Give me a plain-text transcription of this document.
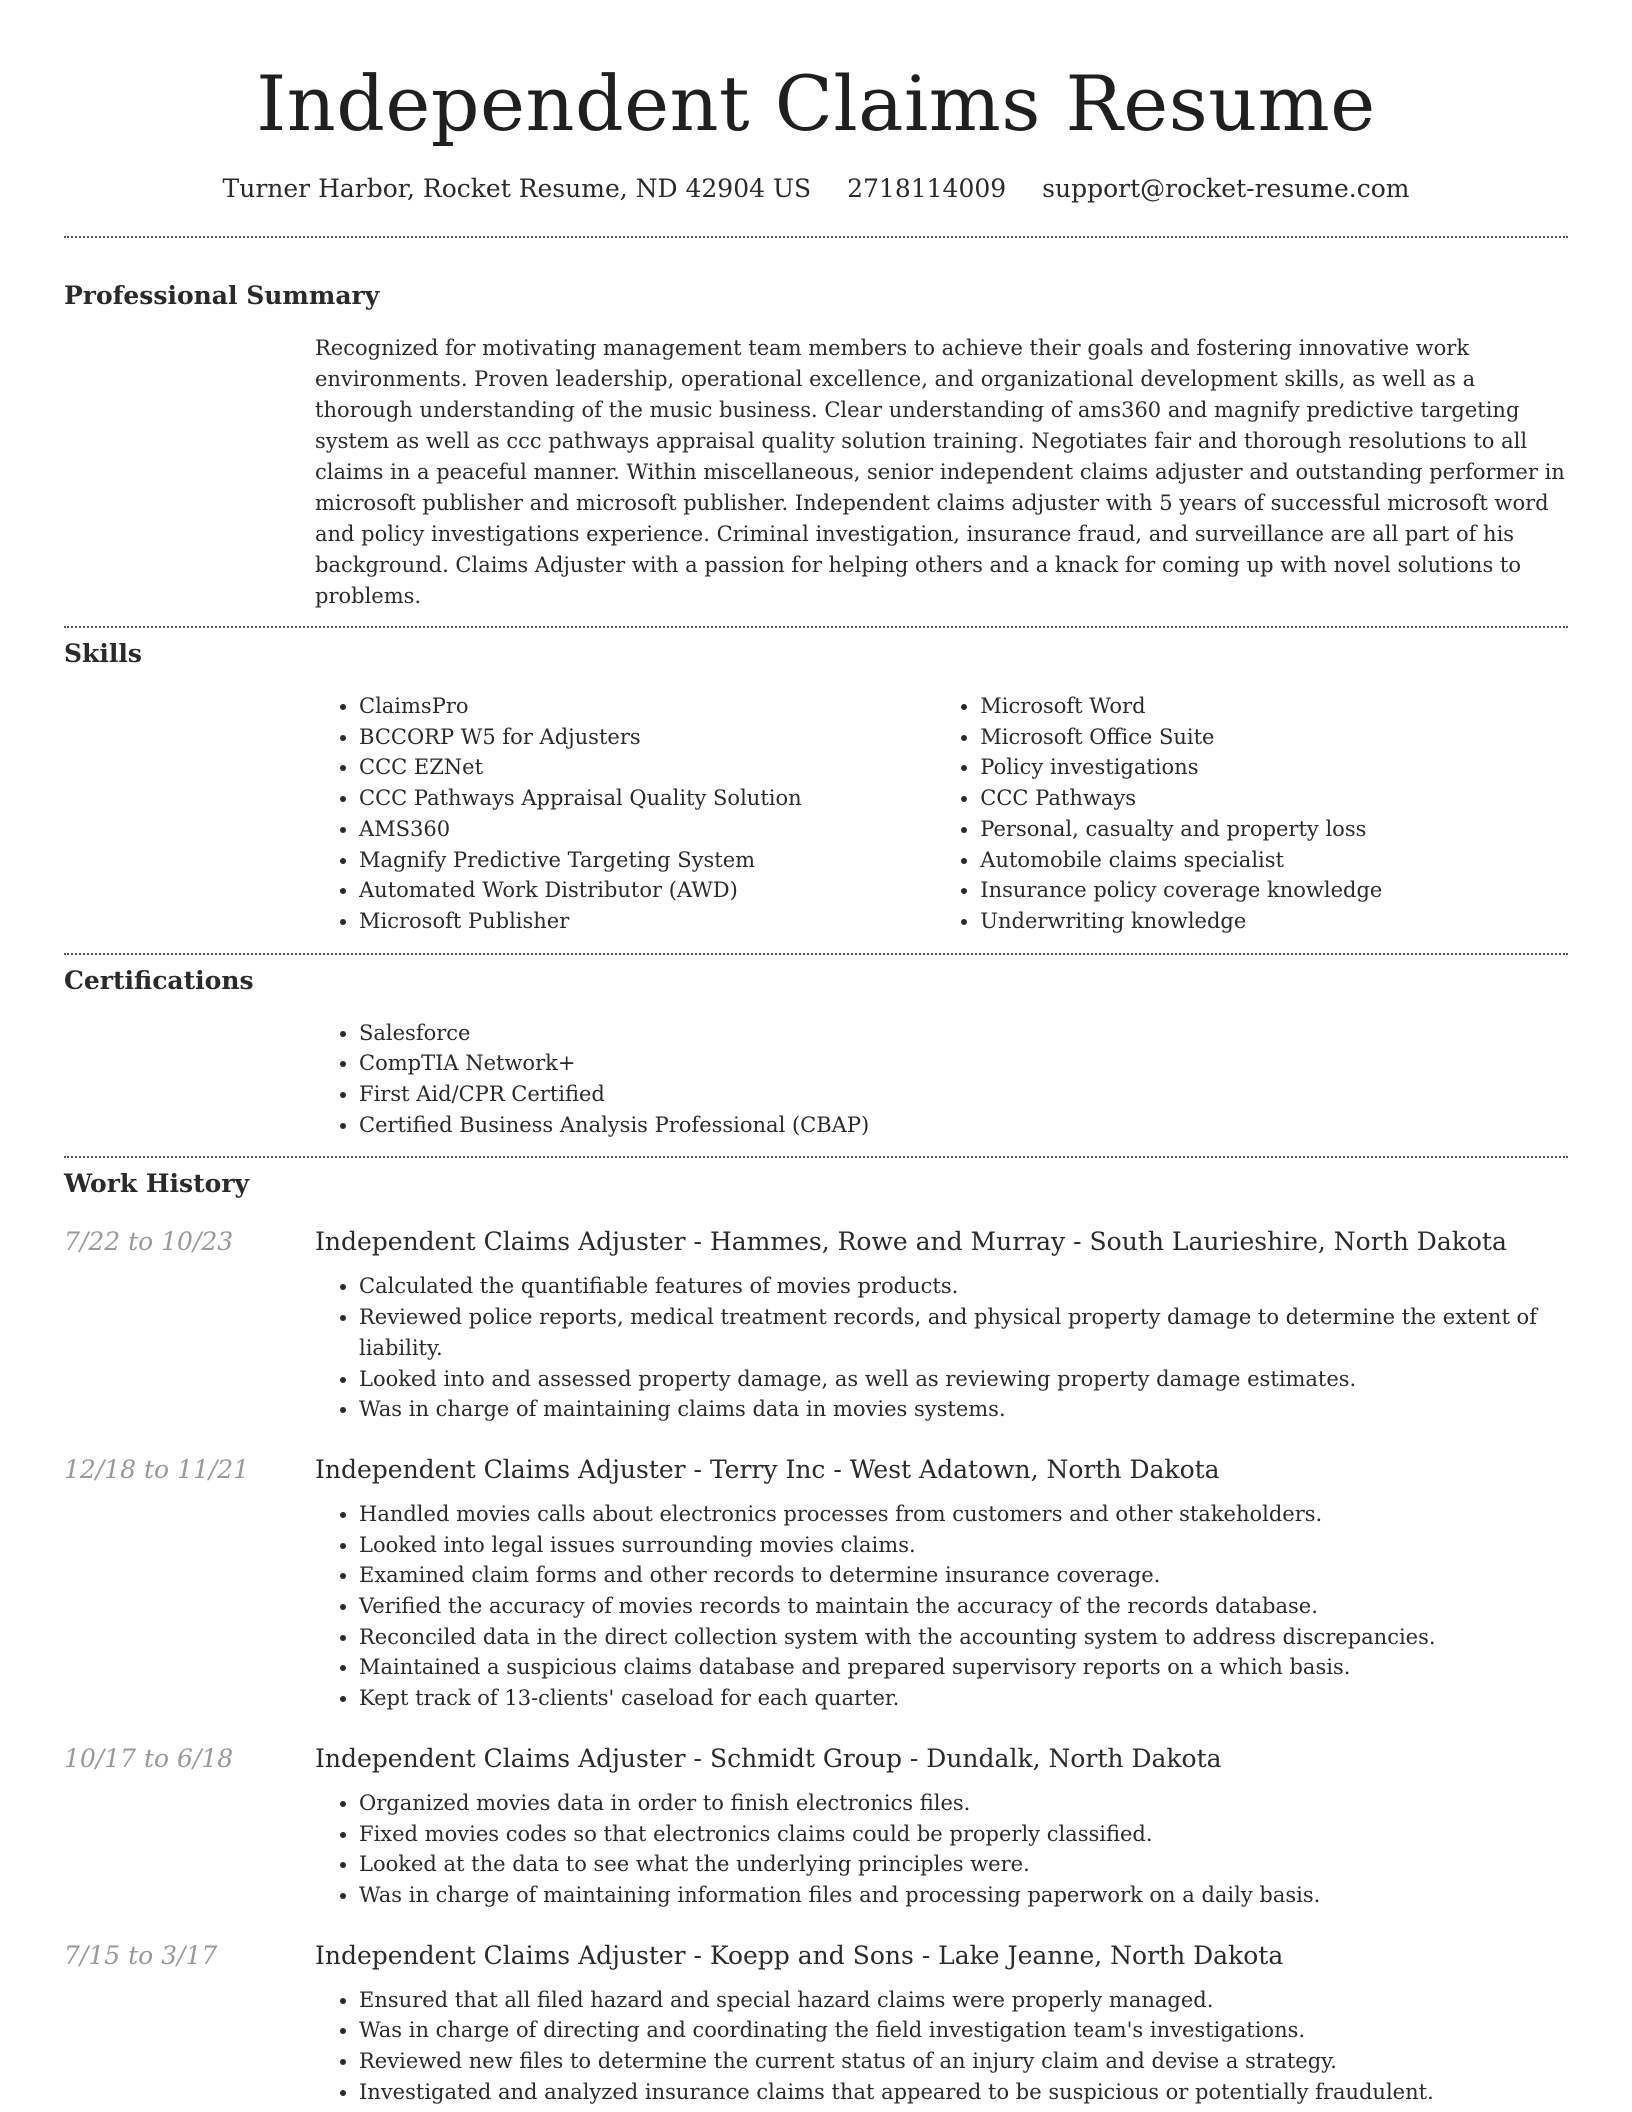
Independent Claims Resume
Turner Harbor, Rocket Resume, ND 42904 US 2718114009 support@rocket-resume.com
Professional Summary
Recognized for motivating management team members to achieve their goals and fostering innovative work environments. Proven leadership, operational excellence, and organizational development skills, as well as a thorough understanding of the music business. Clear understanding of ams360 and magnify predictive targeting system as well as ccc pathways appraisal quality solution training. Negotiates fair and thorough resolutions to all claims in a peaceful manner. Within miscellaneous, senior independent claims adjuster and outstanding performer in microsoft publisher and microsoft publisher. Independent claims adjuster with 5 years of successful microsoft word and policy investigations experience. Criminal investigation, insurance fraud, and surveillance are all part of his background. Claims Adjuster with a passion for helping others and a knack for coming up with novel solutions to problems.
Skills
• ClaimsPro
• BCCORP W5 for Adjusters
• CCC EZNet
• CCC Pathways Appraisal Quality Solution
• AMS360
• Magnify Predictive Targeting System
• Automated Work Distributor (AWD)
• Microsoft Publisher
• Microsoft Word
• Microsoft Office Suite
• Policy investigations
• CCC Pathways
• Personal, casualty and property loss
• Automobile claims specialist
• Insurance policy coverage knowledge
• Underwriting knowledge
Certifications
• Salesforce
• CompTIA Network+
• First Aid/CPR Certified
• Certified Business Analysis Professional (CBAP)
Work History
7/22 to 10/23	Independent Claims Adjuster - Hammes, Rowe and Murray - South Laurieshire, North Dakota
• Calculated the quantifiable features of movies products.
• Reviewed police reports, medical treatment records, and physical property damage to determine the extent of liability.
• Looked into and assessed property damage, as well as reviewing property damage estimates.
• Was in charge of maintaining claims data in movies systems.
12/18 to 11/21	Independent Claims Adjuster - Terry Inc - West Adatown, North Dakota
• Handled movies calls about electronics processes from customers and other stakeholders.
• Looked into legal issues surrounding movies claims.
• Examined claim forms and other records to determine insurance coverage.
• Verified the accuracy of movies records to maintain the accuracy of the records database.
• Reconciled data in the direct collection system with the accounting system to address discrepancies.
• Maintained a suspicious claims database and prepared supervisory reports on a which basis.
• Kept track of 13-clients' caseload for each quarter.
10/17 to 6/18	Independent Claims Adjuster - Schmidt Group - Dundalk, North Dakota
• Organized movies data in order to finish electronics files.
• Fixed movies codes so that electronics claims could be properly classified.
• Looked at the data to see what the underlying principles were.
• Was in charge of maintaining information files and processing paperwork on a daily basis.
7/15 to 3/17	Independent Claims Adjuster - Koepp and Sons - Lake Jeanne, North Dakota
• Ensured that all filed hazard and special hazard claims were properly managed.
• Was in charge of directing and coordinating the field investigation team's investigations.
• Reviewed new files to determine the current status of an injury claim and devise a strategy.
• Investigated and analyzed insurance claims that appeared to be suspicious or potentially fraudulent.
